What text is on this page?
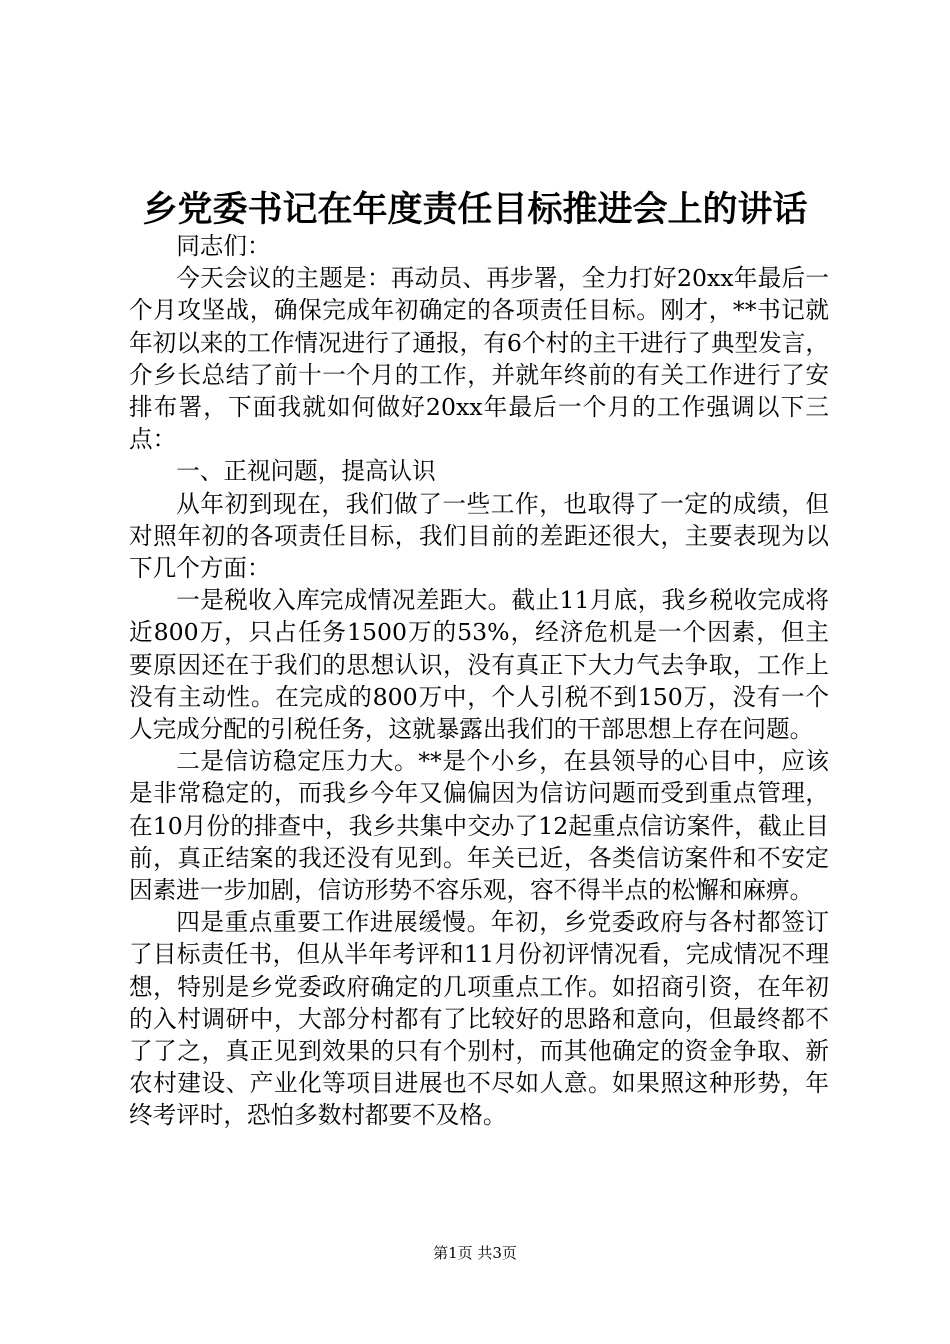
乡党委书记在年度责任目标推进会上的讲话

同志们：

今天会议的主题是：再动员、再步署，全力打好20xx年最后一个月攻坚战，确保完成年初确定的各项责任目标。刚才，**书记就年初以来的工作情况进行了通报，有6个村的主干进行了典型发言，介乡长总结了前十一个月的工作，并就年终前的有关工作进行了安排布署，下面我就如何做好20xx年最后一个月的工作强调以下三点：

一、正视问题，提高认识

从年初到现在，我们做了一些工作，也取得了一定的成绩，但对照年初的各项责任目标，我们目前的差距还很大，主要表现为以下几个方面：

一是税收入库完成情况差距大。截止11月底，我乡税收完成将近800万，只占任务1500万的53%，经济危机是一个因素，但主要原因还在于我们的思想认识，没有真正下大力气去争取，工作上没有主动性。在完成的800万中，个人引税不到150万，没有一个人完成分配的引税任务，这就暴露出我们的干部思想上存在问题。

二是信访稳定压力大。**是个小乡，在县领导的心目中，应该是非常稳定的，而我乡今年又偏偏因为信访问题而受到重点管理，在10月份的排查中，我乡共集中交办了12起重点信访案件，截止目前，真正结案的我还没有见到。年关已近，各类信访案件和不安定因素进一步加剧，信访形势不容乐观，容不得半点的松懈和麻痹。

四是重点重要工作进展缓慢。年初，乡党委政府与各村都签订了目标责任书，但从半年考评和11月份初评情况看，完成情况不理想，特别是乡党委政府确定的几项重点工作。如招商引资，在年初的入村调研中，大部分村都有了比较好的思路和意向，但最终都不了了之，真正见到效果的只有个别村，而其他确定的资金争取、新农村建设、产业化等项目进展也不尽如人意。如果照这种形势，年终考评时，恐怕多数村都要不及格。

第1页 共3页
